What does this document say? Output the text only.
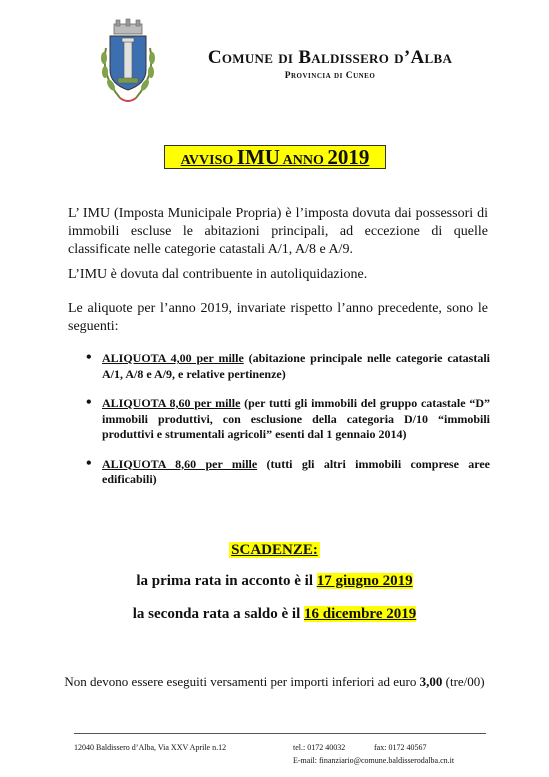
Comune di Baldissero d’Alba
Provincia di Cuneo
AVVISO IMU ANNO 2019
L’ IMU (Imposta Municipale Propria) è l’imposta dovuta dai possessori di immobili escluse le abitazioni principali, ad eccezione di quelle classificate nelle categorie catastali A/1, A/8 e A/9.
L’IMU è dovuta dal contribuente in autoliquidazione.
Le aliquote per l’anno 2019, invariate rispetto l’anno precedente, sono le seguenti:
• ALIQUOTA 4,00 per mille (abitazione principale nelle categorie catastali A/1, A/8 e A/9, e relative pertinenze)
• ALIQUOTA 8,60 per mille (per tutti gli immobili del gruppo catastale “D” immobili produttivi, con esclusione della categoria D/10 “immobili produttivi e strumentali agricoli” esenti dal 1 gennaio 2014)
• ALIQUOTA 8,60 per mille (tutti gli altri immobili comprese aree edificabili)
SCADENZE:
la prima rata in acconto è il 17 giugno 2019
la seconda rata a saldo è il 16 dicembre 2019
Non devono essere eseguiti versamenti per importi inferiori ad euro 3,00 (tre/00)
12040 Baldissero d’Alba, Via XXV Aprile n.12	tel.: 0172 40032	fax: 0172 40567
E-mail: finanziario@comune.baldisserodalba.cn.it
